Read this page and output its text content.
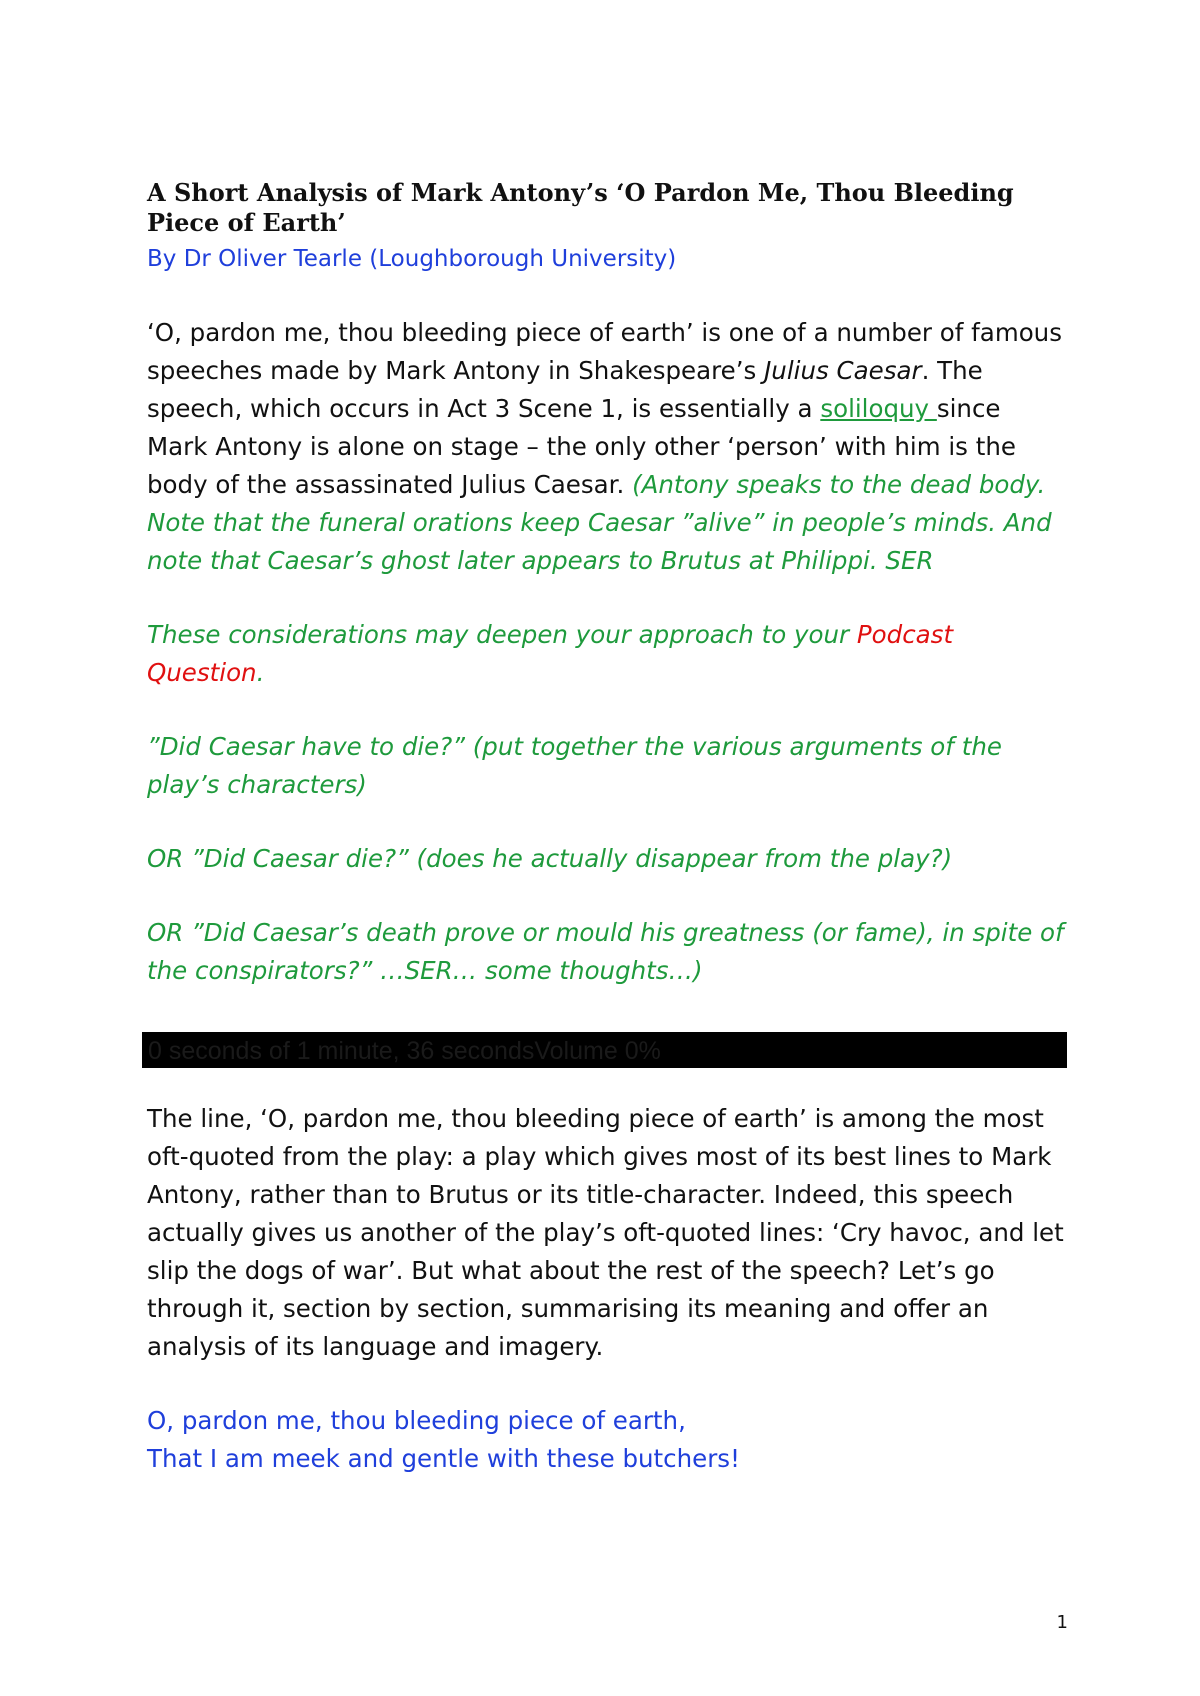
A Short Analysis of Mark Antony’s ‘O Pardon Me, Thou Bleeding Piece of Earth’

By Dr Oliver Tearle (Loughborough University)

‘O, pardon me, thou bleeding piece of earth’ is one of a number of famous speeches made by Mark Antony in Shakespeare’s Julius Caesar. The speech, which occurs in Act 3 Scene 1, is essentially a soliloquy since Mark Antony is alone on stage – the only other ‘person’ with him is the body of the assassinated Julius Caesar. (Antony speaks to the dead body. Note that the funeral orations keep Caesar ”alive” in people’s minds. And note that Caesar’s ghost later appears to Brutus at Philippi. SER

These considerations may deepen your approach to your Podcast Question.

”Did Caesar have to die?” (put together the various arguments of the play’s characters)

OR ”Did Caesar die?” (does he actually disappear from the play?)

OR ”Did Caesar’s death prove or mould his greatness (or fame), in spite of the conspirators?” …SER… some thoughts…)

0 seconds of 1 minute, 36 secondsVolume 0%

The line, ‘O, pardon me, thou bleeding piece of earth’ is among the most oft-quoted from the play: a play which gives most of its best lines to Mark Antony, rather than to Brutus or its title-character. Indeed, this speech actually gives us another of the play’s oft-quoted lines: ‘Cry havoc, and let slip the dogs of war’. But what about the rest of the speech? Let’s go through it, section by section, summarising its meaning and offer an analysis of its language and imagery.

O, pardon me, thou bleeding piece of earth,

That I am meek and gentle with these butchers!

1
